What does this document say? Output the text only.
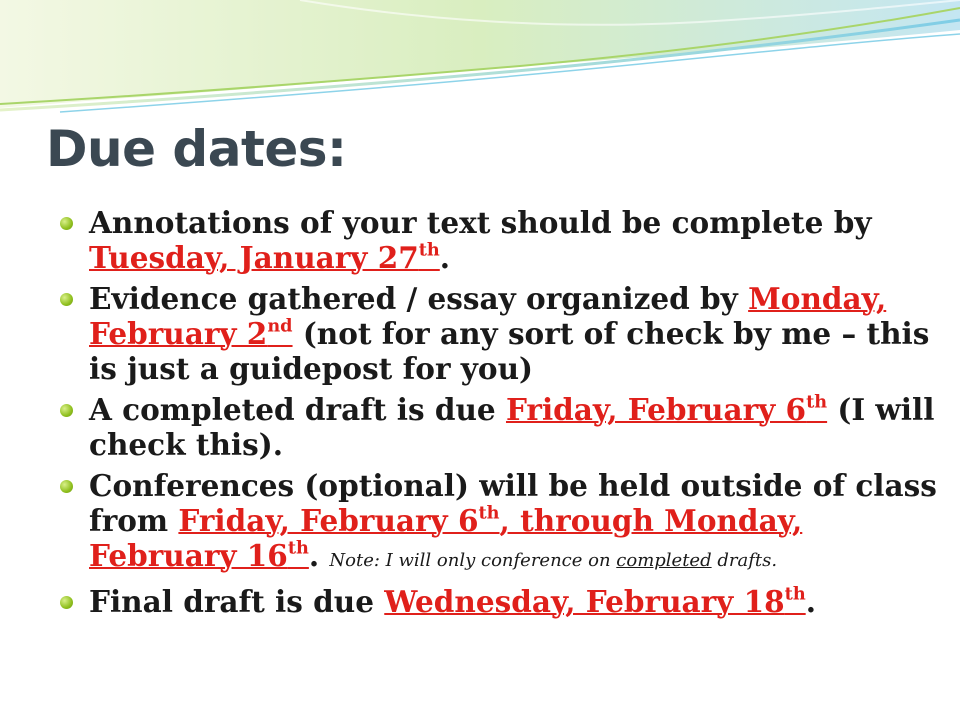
Due dates:
Annotations of your text should be complete by Tuesday, January 27th.
Evidence gathered / essay organized by Monday, February 2nd (not for any sort of check by me – this is just a guidepost for you)
A completed draft is due Friday, February 6th (I will check this).
Conferences (optional) will be held outside of class from Friday, February 6th, through Monday, February 16th. Note: I will only conference on completed drafts.
Final draft is due Wednesday, February 18th.
